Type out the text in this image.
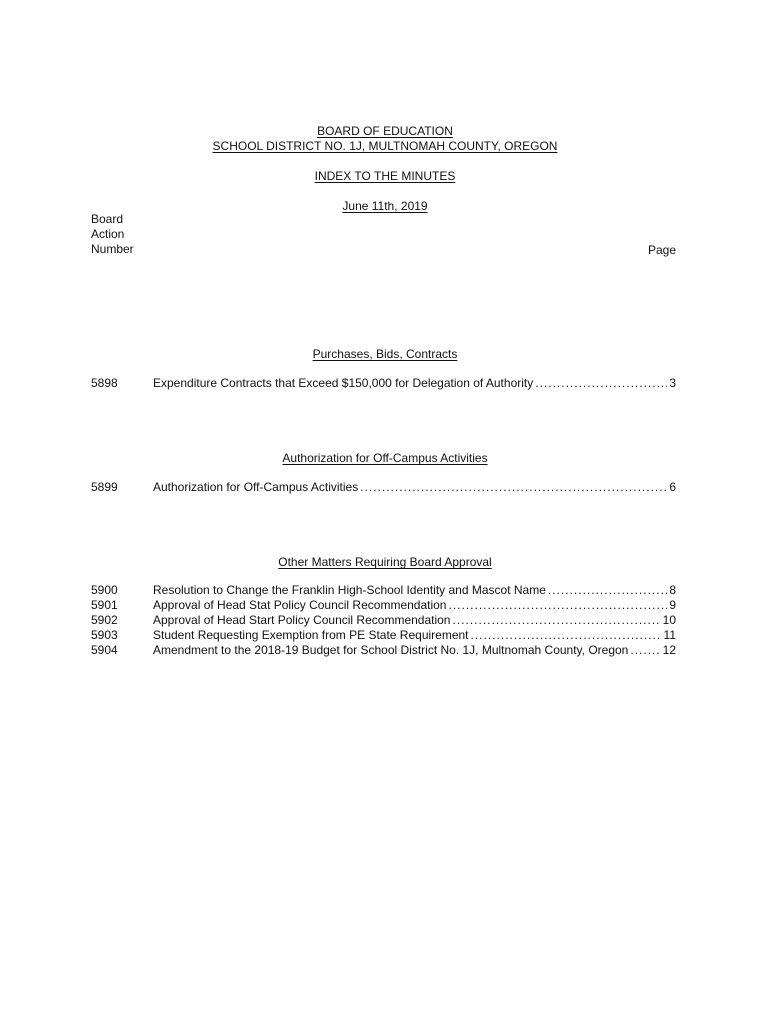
BOARD OF EDUCATION
SCHOOL DISTRICT NO. 1J, MULTNOMAH COUNTY, OREGON
INDEX TO THE MINUTES
June 11th, 2019
Board
Action
Number	Page
Purchases, Bids, Contracts
5898	Expenditure Contracts that Exceed $150,000 for Delegation of Authority .....	3
Authorization for Off-Campus Activities
5899	Authorization for Off-Campus Activities .....	6
Other Matters Requiring Board Approval
5900	Resolution to Change the Franklin High-School Identity and Mascot Name .....	8
5901	Approval of Head Stat Policy Council Recommendation .....	9
5902	Approval of Head Start Policy Council Recommendation .....	10
5903	Student Requesting Exemption from PE State Requirement .....	11
5904	Amendment to the 2018-19 Budget for School District No. 1J, Multnomah County, Oregon .....	12
